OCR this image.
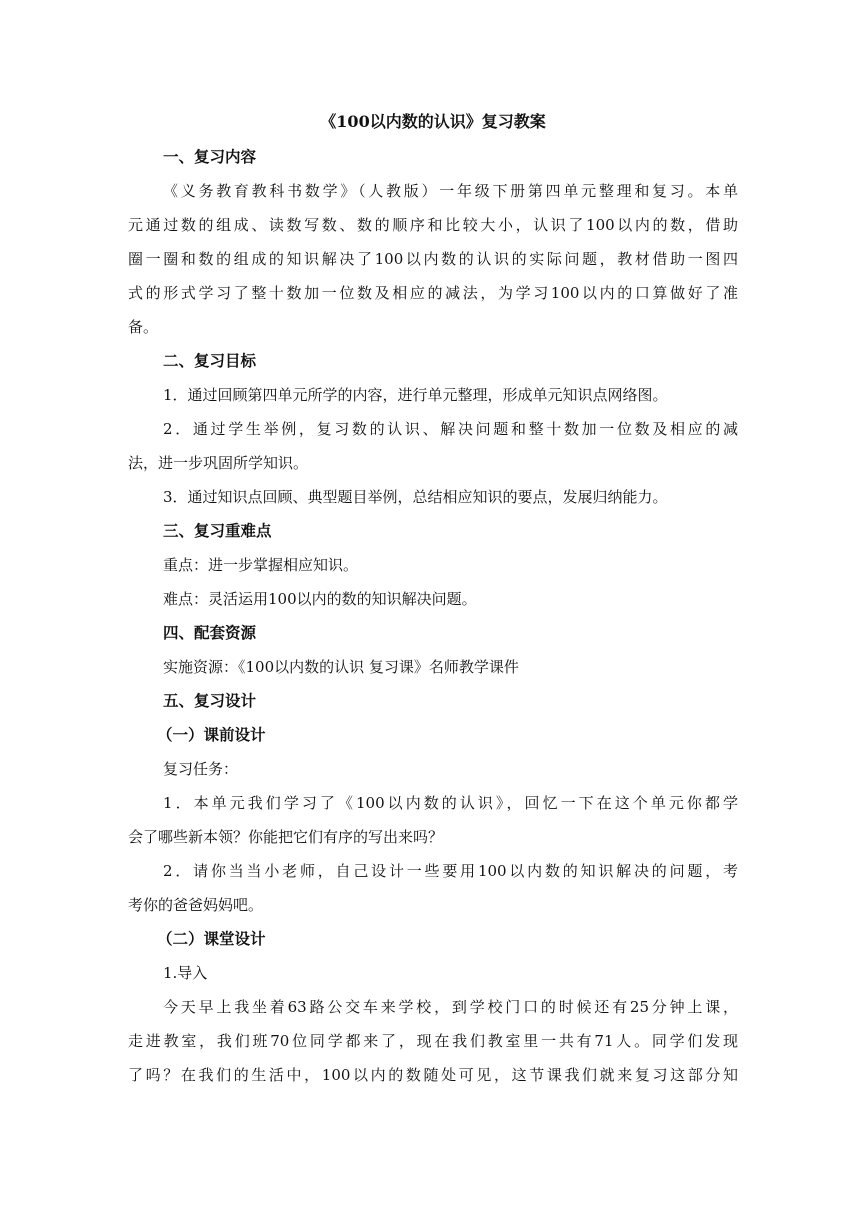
《100以内数的认识》复习教案
一、复习内容
《义务教育教科书数学》（人教版）一年级下册第四单元整理和复习。本单
元通过数的组成、读数写数、数的顺序和比较大小，认识了100以内的数，借助
圈一圈和数的组成的知识解决了100以内数的认识的实际问题，教材借助一图四
式的形式学习了整十数加一位数及相应的减法，为学习100以内的口算做好了准
备。
二、复习目标
1．通过回顾第四单元所学的内容，进行单元整理，形成单元知识点网络图。
2．通过学生举例，复习数的认识、解决问题和整十数加一位数及相应的减
法，进一步巩固所学知识。
3．通过知识点回顾、典型题目举例，总结相应知识的要点，发展归纳能力。
三、复习重难点
重点：进一步掌握相应知识。
难点：灵活运用100以内的数的知识解决问题。
四、配套资源
实施资源：《100以内数的认识 复习课》名师教学课件
五、复习设计
（一）课前设计
复习任务：
1．本单元我们学习了《100以内数的认识》，回忆一下在这个单元你都学
会了哪些新本领？你能把它们有序的写出来吗？
2．请你当当小老师，自己设计一些要用100以内数的知识解决的问题，考
考你的爸爸妈妈吧。
（二）课堂设计
1.导入
今天早上我坐着63路公交车来学校，到学校门口的时候还有25分钟上课，
走进教室，我们班70位同学都来了，现在我们教室里一共有71人。同学们发现
了吗？在我们的生活中，100以内的数随处可见，这节课我们就来复习这部分知
